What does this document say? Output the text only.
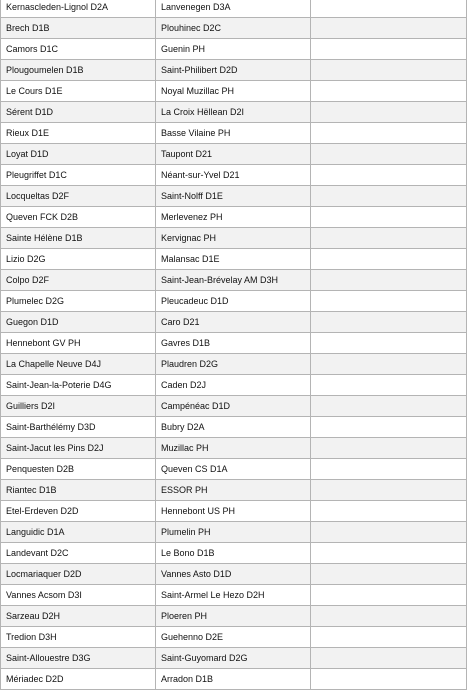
Kernascleden-Lignol D2A	Lanvenegen D3A	
Brech D1B	Plouhinec D2C	
Camors D1C	Guenin PH	
Plougoumelen D1B	Saint-Philibert D2D	
Le Cours D1E	Noyal Muzillac PH	
Sérent D1D	La Croix Hëllean D2I	
Rieux D1E	Basse Vilaine PH	
Loyat D1D	Taupont D21	
Pleugriffet D1C	Néant-sur-Yvel D21	
Locqueltas D2F	Saint-Nolff D1E	
Queven FCK D2B	Merlevenez PH	
Sainte Hélène D1B	Kervignac PH	
Lizio D2G	Malansac D1E	
Colpo D2F	Saint-Jean-Brévelay AM D3H	
Plumelec D2G	Pleucadeuc D1D	
Guegon D1D	Caro D21	
Hennebont GV PH	Gavres D1B	
La Chapelle Neuve D4J	Plaudren D2G	
Saint-Jean-la-Poterie D4G	Caden D2J	
Guilliers D2I	Campénéac D1D	
Saint-Barthélémy D3D	Bubry D2A	
Saint-Jacut les Pins D2J	Muzillac PH	
Penquesten D2B	Queven CS D1A	
Riantec D1B	ESSOR PH	
Etel-Erdeven D2D	Hennebont US PH	
Languidic D1A	Plumelin PH	
Landevant D2C	Le Bono D1B	
Locmariaquer D2D	Vannes Asto D1D	
Vannes Acsom D3I	Saint-Armel Le Hezo D2H	
Sarzeau D2H	Ploeren PH	
Tredion D3H	Guehenno D2E	
Saint-Allouestre D3G	Saint-Guyomard D2G	
Mériadec D2D	Arradon D1B	
